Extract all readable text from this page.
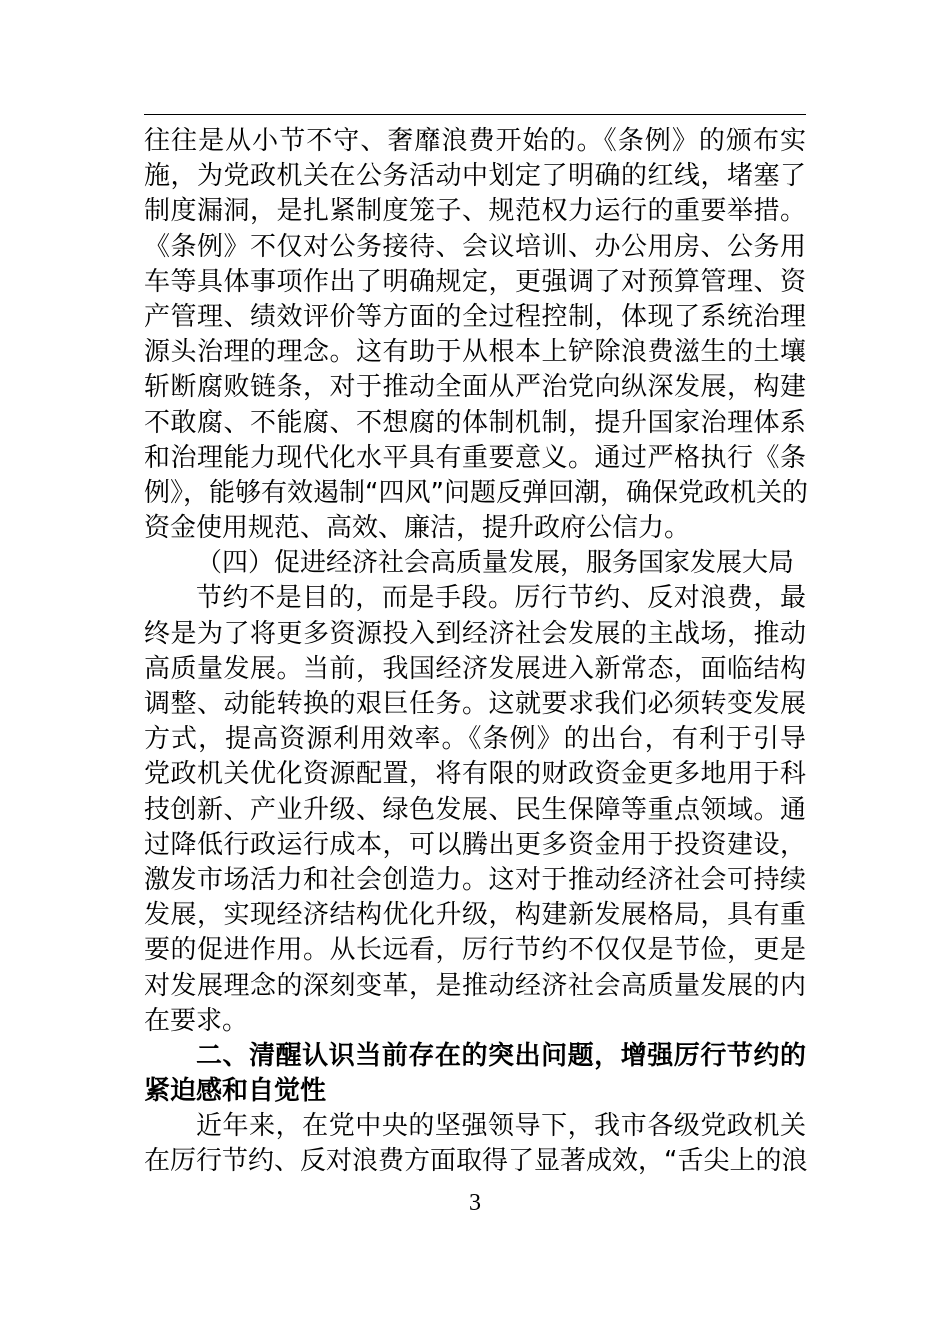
往往是从小节不守、奢靡浪费开始的。《条例》的颁布实
施，为党政机关在公务活动中划定了明确的红线，堵塞了
制度漏洞，是扎紧制度笼子、规范权力运行的重要举措。
《条例》不仅对公务接待、会议培训、办公用房、公务用
车等具体事项作出了明确规定，更强调了对预算管理、资
产管理、绩效评价等方面的全过程控制，体现了系统治理
源头治理的理念。这有助于从根本上铲除浪费滋生的土壤
斩断腐败链条，对于推动全面从严治党向纵深发展，构建
不敢腐、不能腐、不想腐的体制机制，提升国家治理体系
和治理能力现代化水平具有重要意义。通过严格执行《条
例》，能够有效遏制“四风”问题反弹回潮，确保党政机关的
资金使用规范、高效、廉洁，提升政府公信力。
（四）促进经济社会高质量发展，服务国家发展大局
节约不是目的，而是手段。厉行节约、反对浪费，最
终是为了将更多资源投入到经济社会发展的主战场，推动
高质量发展。当前，我国经济发展进入新常态，面临结构
调整、动能转换的艰巨任务。这就要求我们必须转变发展
方式，提高资源利用效率。《条例》的出台，有利于引导
党政机关优化资源配置，将有限的财政资金更多地用于科
技创新、产业升级、绿色发展、民生保障等重点领域。通
过降低行政运行成本，可以腾出更多资金用于投资建设，
激发市场活力和社会创造力。这对于推动经济社会可持续
发展，实现经济结构优化升级，构建新发展格局，具有重
要的促进作用。从长远看，厉行节约不仅仅是节俭，更是
对发展理念的深刻变革，是推动经济社会高质量发展的内
在要求。
二、清醒认识当前存在的突出问题，增强厉行节约的
紧迫感和自觉性
近年来，在党中央的坚强领导下，我市各级党政机关
在厉行节约、反对浪费方面取得了显著成效，“舌尖上的浪
3
